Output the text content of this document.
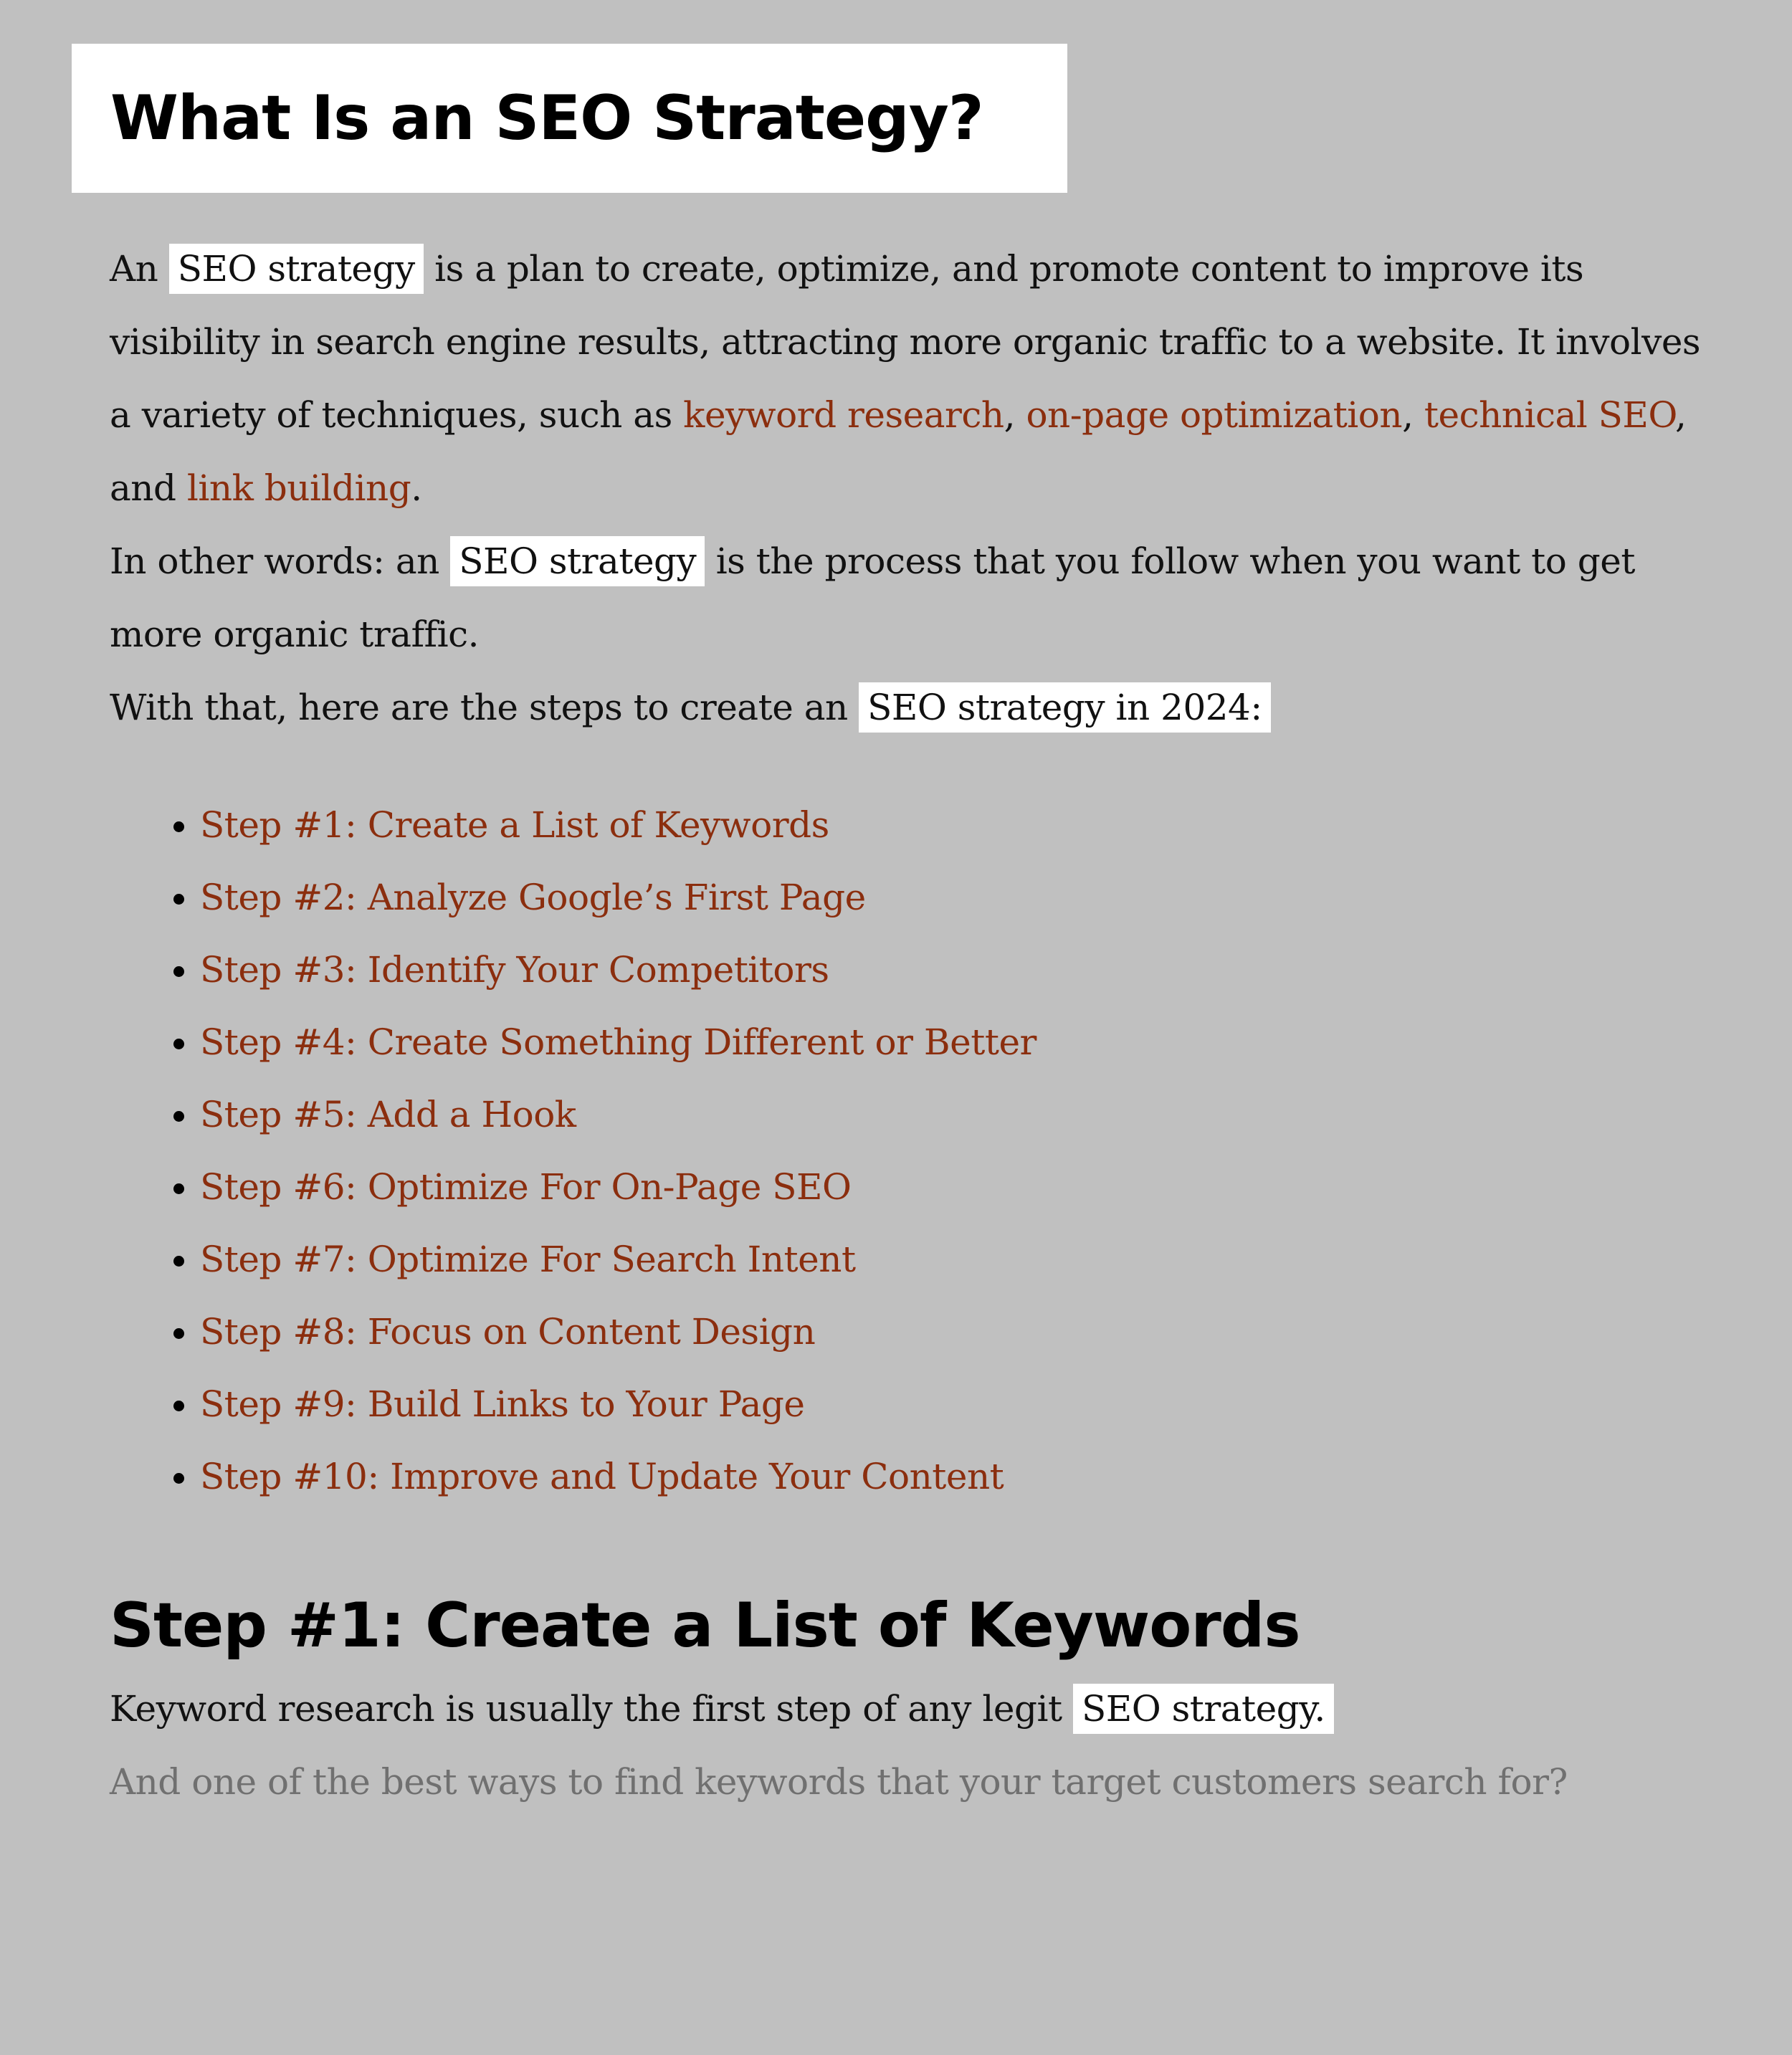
What Is an SEO Strategy?

An SEO strategy is a plan to create, optimize, and promote content to improve its visibility in search engine results, attracting more organic traffic to a website. It involves a variety of techniques, such as keyword research, on-page optimization, technical SEO, and link building.

In other words: an SEO strategy is the process that you follow when you want to get more organic traffic.

With that, here are the steps to create an SEO strategy in 2024:

• Step #1: Create a List of Keywords
• Step #2: Analyze Google’s First Page
• Step #3: Identify Your Competitors
• Step #4: Create Something Different or Better
• Step #5: Add a Hook
• Step #6: Optimize For On-Page SEO
• Step #7: Optimize For Search Intent
• Step #8: Focus on Content Design
• Step #9: Build Links to Your Page
• Step #10: Improve and Update Your Content
Step #1: Create a List of Keywords

Keyword research is usually the first step of any legit SEO strategy.

And one of the best ways to find keywords that your target customers search for?
